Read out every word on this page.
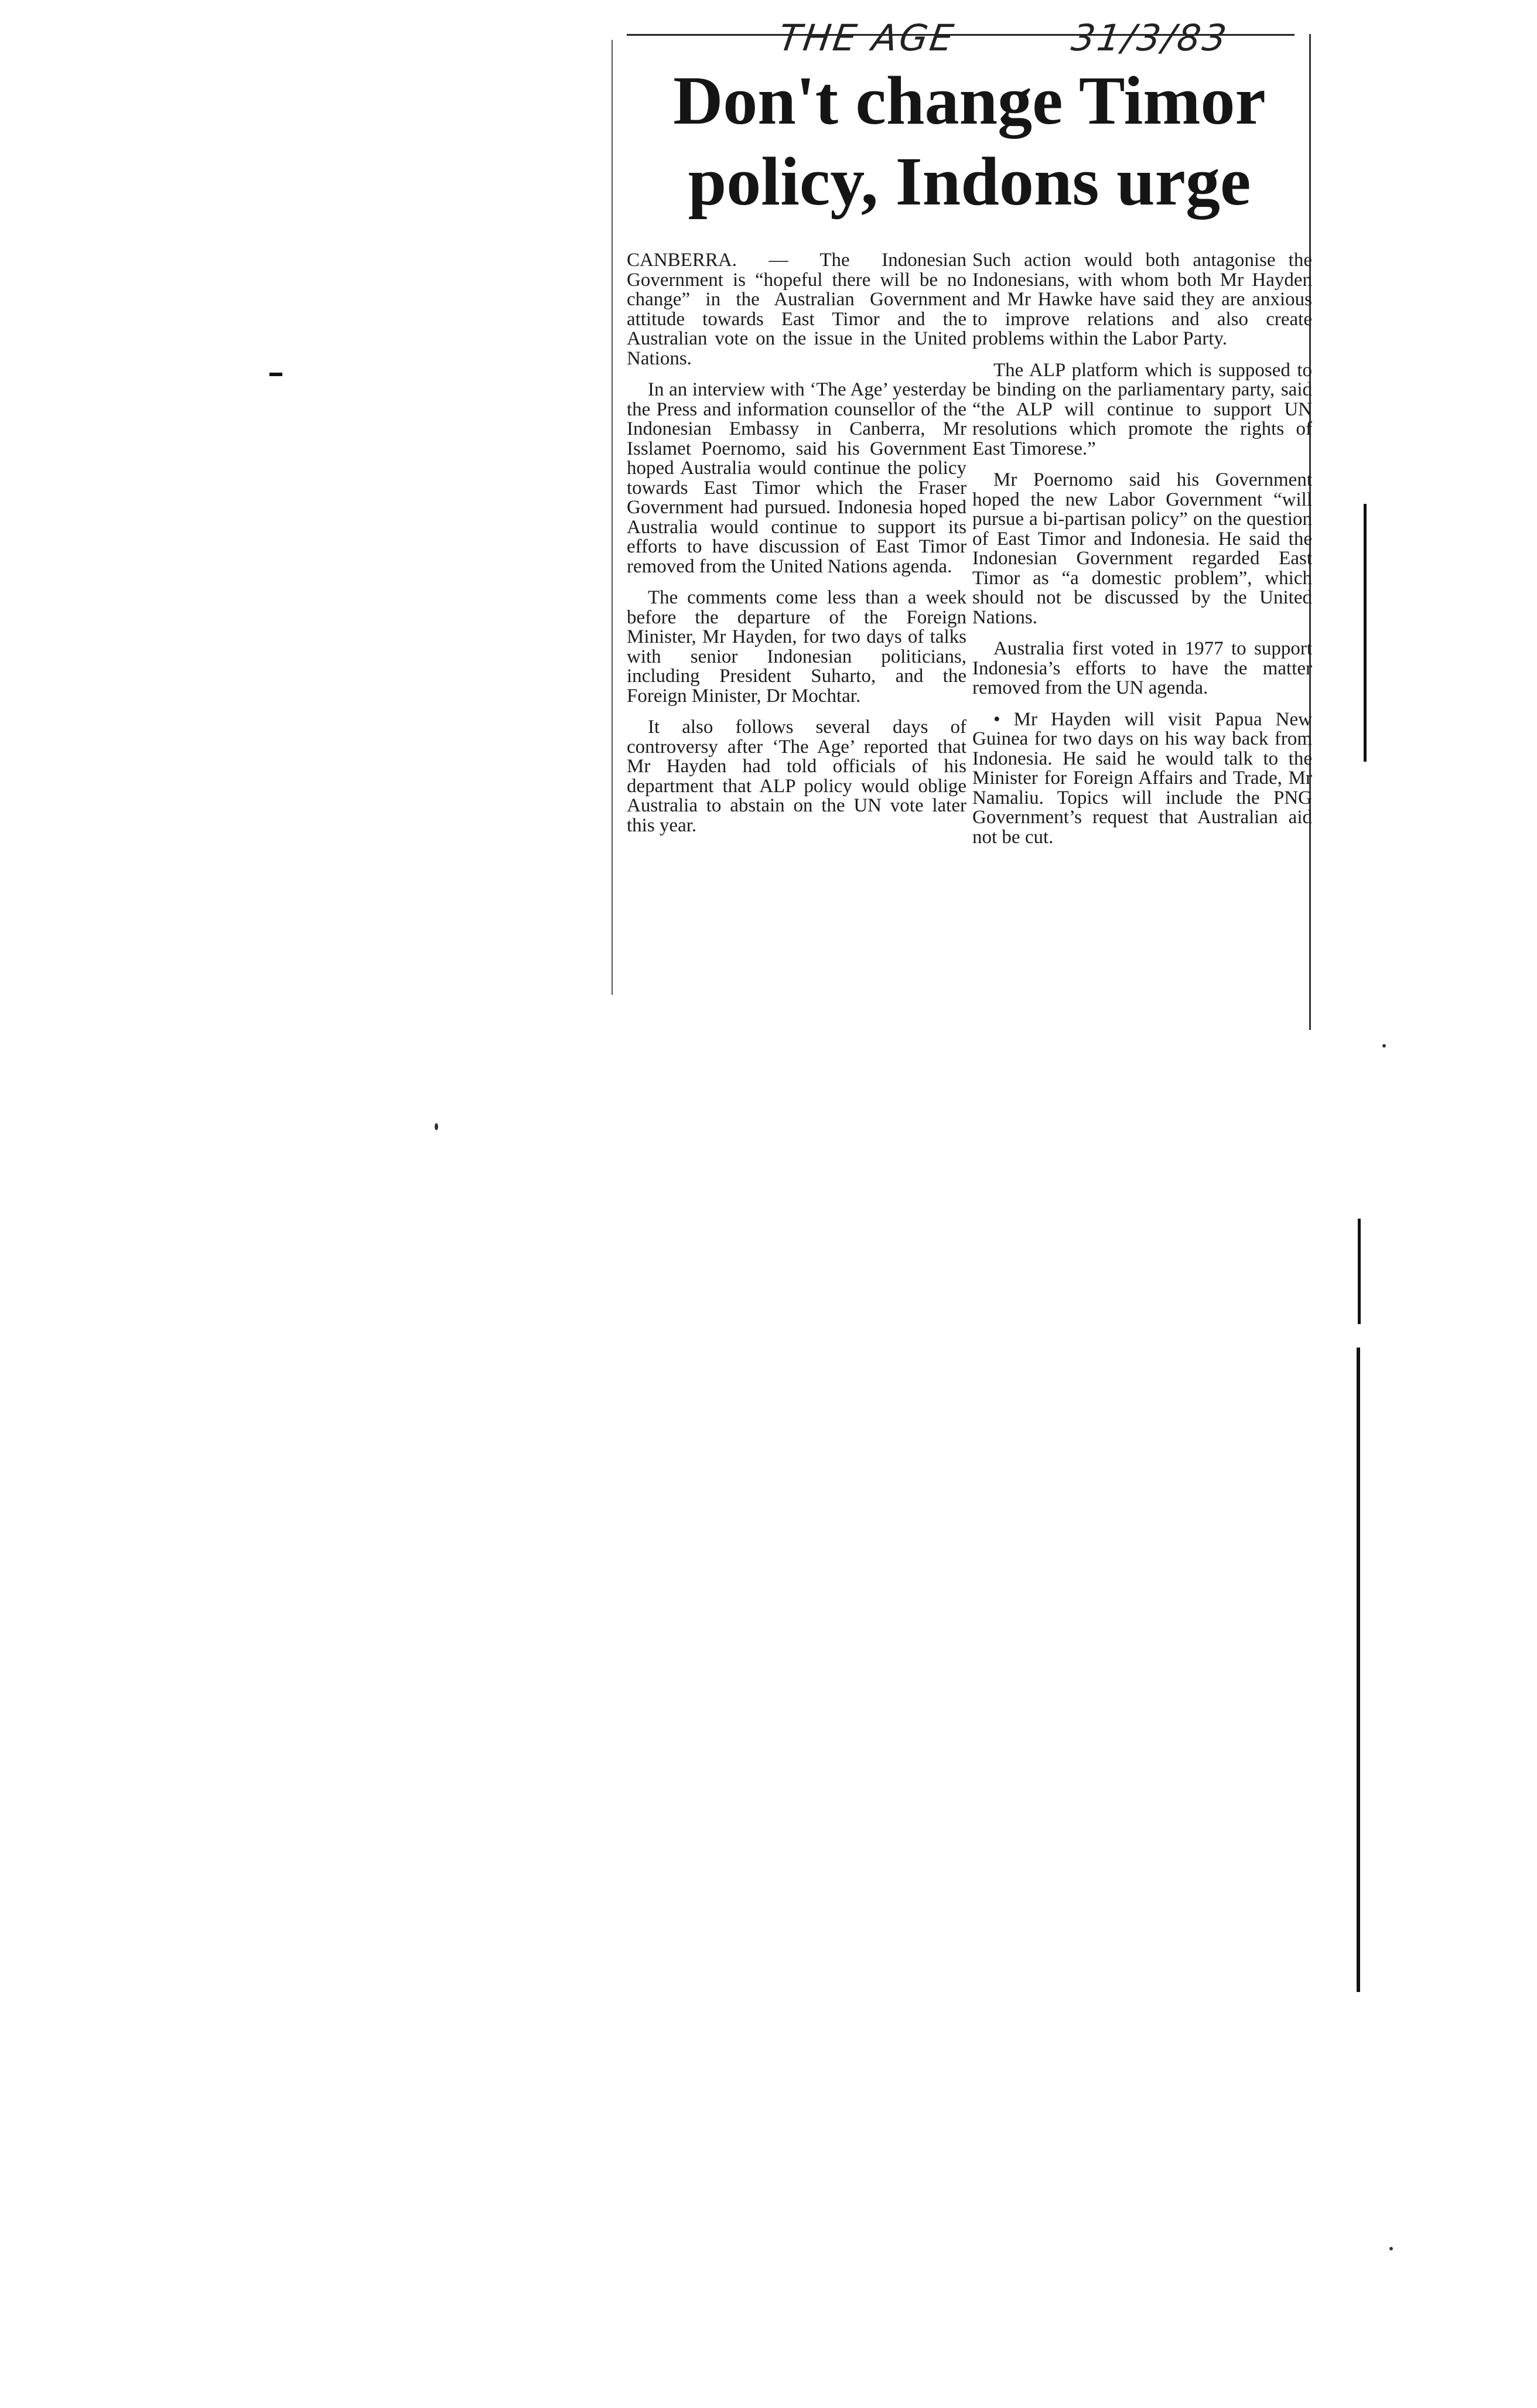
THE AGE	31/3/83
Don't change Timor policy, Indons urge

CANBERRA. — The Indonesian Government is “hopeful there will be no change” in the Australian Government attitude towards East Timor and the Australian vote on the issue in the United Nations.

In an interview with ‘The Age’ yesterday the Press and information counsellor of the Indonesian Embassy in Canberra, Mr Isslamet Poernomo, said his Government hoped Australia would continue the policy towards East Timor which the Fraser Government had pursued. Indonesia hoped Australia would continue to support its efforts to have discussion of East Timor removed from the United Nations agenda.

The comments come less than a week before the departure of the Foreign Minister, Mr Hayden, for two days of talks with senior Indonesian politicians, including President Suharto, and the Foreign Minister, Dr Mochtar.

It also follows several days of controversy after ‘The Age’ reported that Mr Hayden had told officials of his department that ALP policy would oblige Australia to abstain on the UN vote later this year.

Such action would both antagonise the Indonesians, with whom both Mr Hayden and Mr Hawke have said they are anxious to improve relations and also create problems within the Labor Party.

The ALP platform which is supposed to be binding on the parliamentary party, said “the ALP will continue to support UN resolutions which promote the rights of East Timorese.”

Mr Poernomo said his Government hoped the new Labor Government “will pursue a bi-partisan policy” on the question of East Timor and Indonesia. He said the Indonesian Government regarded East Timor as “a domestic problem”, which should not be discussed by the United Nations.

Australia first voted in 1977 to support Indonesia’s efforts to have the matter removed from the UN agenda.

• Mr Hayden will visit Papua New Guinea for two days on his way back from Indonesia. He said he would talk to the Minister for Foreign Affairs and Trade, Mr Namaliu. Topics will include the PNG Government’s request that Australian aid not be cut.
